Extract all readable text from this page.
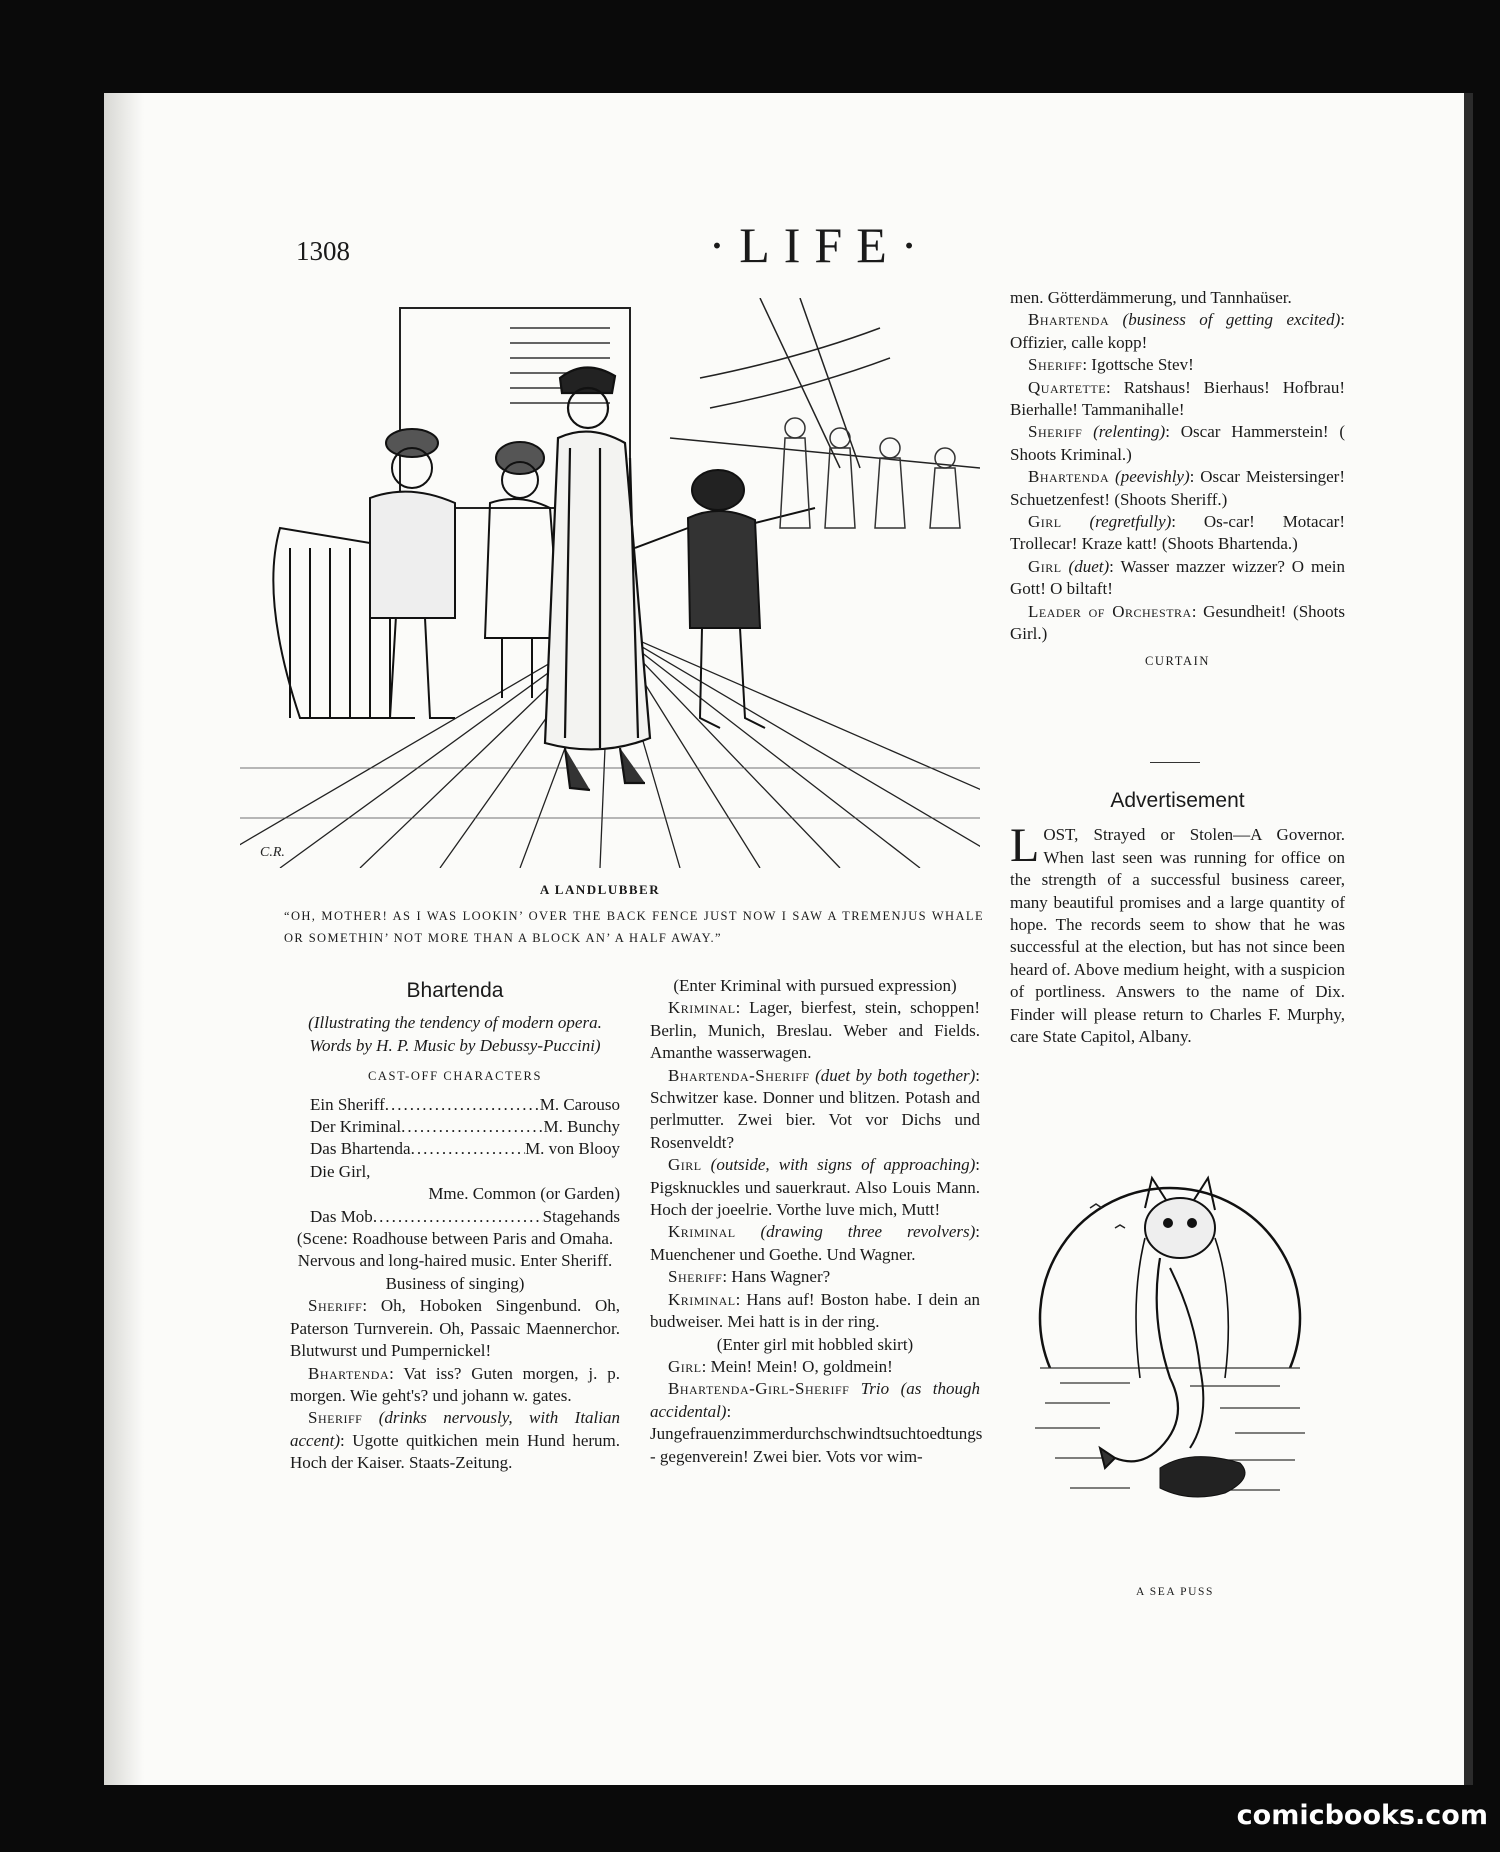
1308	·LIFE·
C.R.
A LANDLUBBER
“OH, MOTHER! AS I WAS LOOKIN’ OVER THE BACK FENCE JUST NOW I SAW A TREMENJUS WHALE OR SOMETHIN’ NOT MORE THAN A BLOCK AN’ A HALF AWAY.”

Bhartenda

(Illustrating the tendency of modern opera. Words by H. P. Music by Debussy-Puccini)

CAST-OFF CHARACTERS

Ein Sheriff .....	M. Carouso
Der Kriminal .....	M. Bunchy
Das Bhartenda .....	M. von Blooy
Die Girl,
Mme. Common (or Garden)
Das Mob .....	Stagehands

(Scene: Roadhouse between Paris and Omaha. Nervous and long-haired music. Enter Sheriff. Business of singing)

Sheriff: Oh, Hoboken Singenbund. Oh, Paterson Turnverein. Oh, Passaic Maennerchor. Blutwurst und Pumpernickel!

Bhartenda: Vat iss? Guten morgen, j. p. morgen. Wie geht's? und johann w. gates.

Sheriff (drinks nervously, with Italian accent): Ugotte quitkichen mein Hund herum. Hoch der Kaiser. Staats-Zeitung.

(Enter Kriminal with pursued expression)

Kriminal: Lager, bierfest, stein, schoppen! Berlin, Munich, Breslau. Weber and Fields. Amanthe wasserwagen.

Bhartenda-Sheriff (duet by both together): Schwitzer kase. Donner und blitzen. Potash and perlmutter. Zwei bier. Vot vor Dichs und Rosenveldt?

Girl (outside, with signs of approaching): Pigsknuckles und sauerkraut. Also Louis Mann. Hoch der joeelrie. Vorthe luve mich, Mutt!

Kriminal (drawing three revolvers): Muenchener und Goethe. Und Wagner.

Sheriff: Hans Wagner?

Kriminal: Hans auf! Boston habe. I dein an budweiser. Mei hatt is in der ring.

(Enter girl mit hobbled skirt)

Girl: Mein! Mein! O, goldmein!

Bhartenda-Girl-Sheriff Trio (as though accidental): Jungefrauenzimmerdurchschwindtsuchtoedtungs - gegenverein! Zwei bier. Vots vor wim-

men. Götterdämmerung, und Tannhaüser.

Bhartenda (business of getting excited): Offizier, calle kopp!

Sheriff: Igottsche Stev!

Quartette: Ratshaus! Bierhaus! Hofbrau! Bierhalle! Tammanihalle!

Sheriff (relenting): Oscar Hammerstein! ( Shoots Kriminal.)

Bhartenda (peevishly): Oscar Meistersinger! Schuetzenfest! (Shoots Sheriff.)

Girl (regretfully): Os-car! Motacar! Trollecar! Kraze katt! (Shoots Bhartenda.)

Girl (duet): Wasser mazzer wizzer? O mein Gott! O biltaft!

Leader of Orchestra: Gesundheit! (Shoots Girl.)

CURTAIN

Advertisement

LOST, Strayed or Stolen—A Governor. When last seen was running for office on the strength of a successful business career, many beautiful promises and a large quantity of hope. The records seem to show that he was successful at the election, but has not since been heard of. Above medium height, with a suspicion of portliness. Answers to the name of Dix. Finder will please return to Charles F. Murphy, care State Capitol, Albany.

A SEA PUSS
comicbooks.com
